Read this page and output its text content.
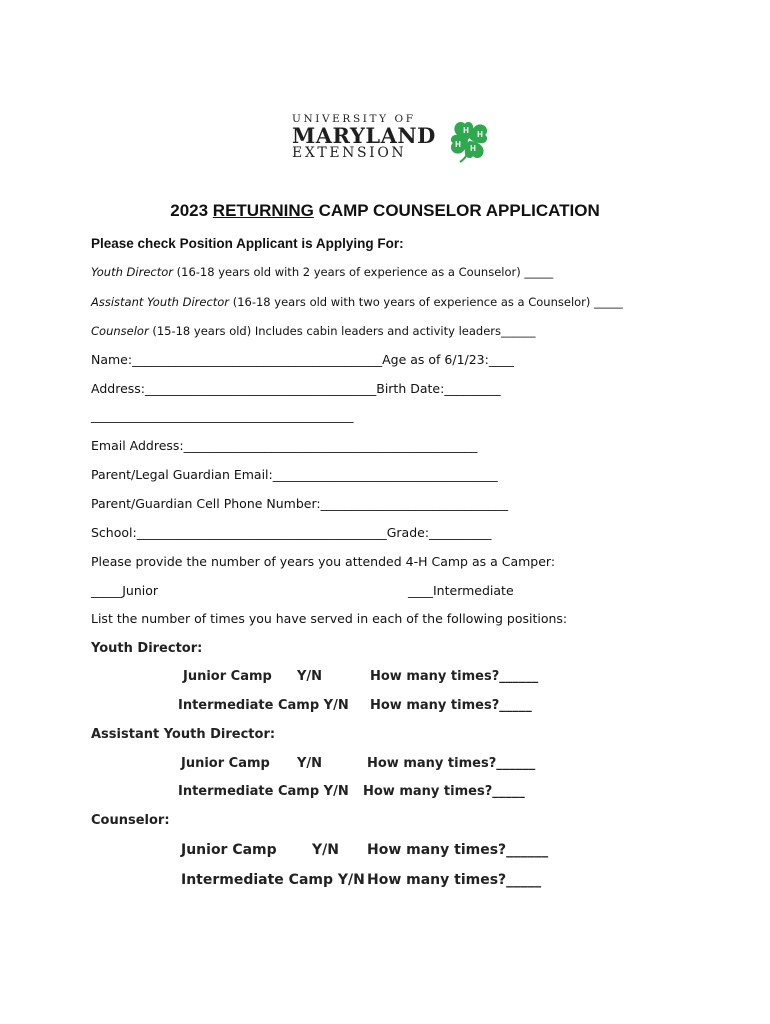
UNIVERSITY OF
MARYLAND
EXTENSION
H H
H
H
2023 RETURNING CAMP COUNSELOR APPLICATION
Please check Position Applicant is Applying For:
Youth Director (16-18 years old with 2 years of experience as a Counselor) _____
Assistant Youth Director (16-18 years old with two years of experience as a Counselor) _____
Counselor (15-18 years old) Includes cabin leaders and activity leaders______
Name:________________________________________Age as of 6/1/23:____
Address:_____________________________________Birth Date:_________
__________________________________________
Email Address:_______________________________________________
Parent/Legal Guardian Email:____________________________________
Parent/Guardian Cell Phone Number:______________________________
School:________________________________________Grade:__________
Please provide the number of years you attended 4-H Camp as a Camper:
_____Junior	____Intermediate
List the number of times you have served in each of the following positions:
Youth Director:
Junior Camp Y/N	How many times?______
Intermediate Camp Y/N How many times?_____
Assistant Youth Director:
Junior Camp Y/N	How many times?______
Intermediate Camp Y/N How many times?_____
Counselor:
Junior Camp	Y/N How many times?______
Intermediate Camp Y/N How many times?_____
